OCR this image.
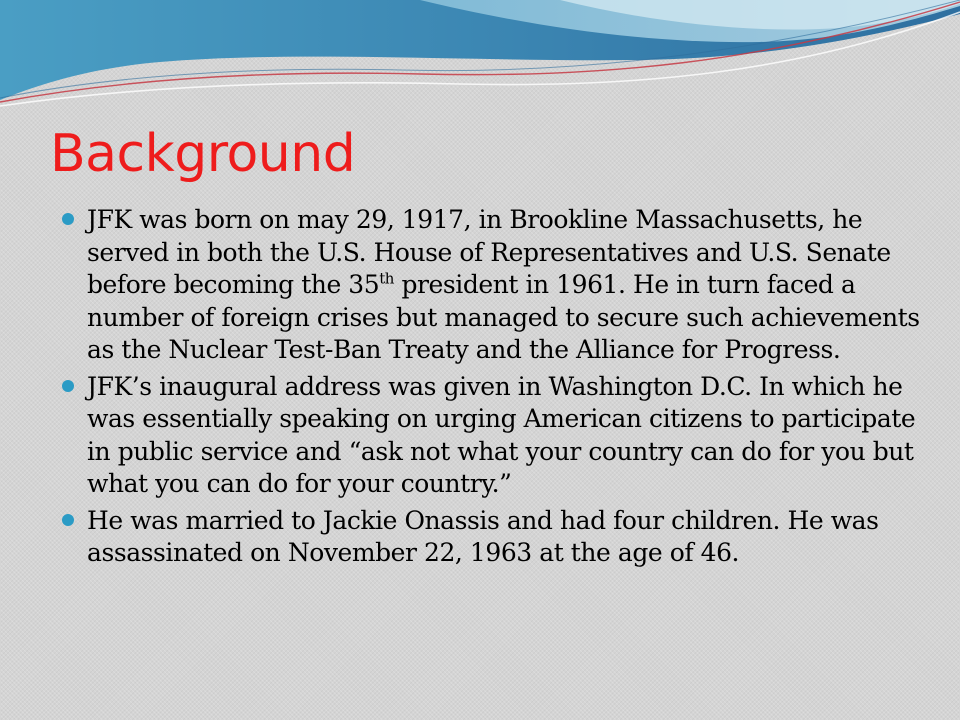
Background
JFK was born on may 29, 1917, in Brookline Massachusetts, he served in both the U.S. House of Representatives and U.S. Senate before becoming the 35th president in 1961. He in turn faced a number of foreign crises but managed to secure such achievements as the Nuclear Test-Ban Treaty and the Alliance for Progress.
JFK’s inaugural address was given in Washington D.C. In which he was essentially speaking on urging American citizens to participate in public service and “ask not what your country can do for you but what you can do for your country.”
He was married to Jackie Onassis and had four children. He was assassinated on November 22, 1963 at the age of 46.
